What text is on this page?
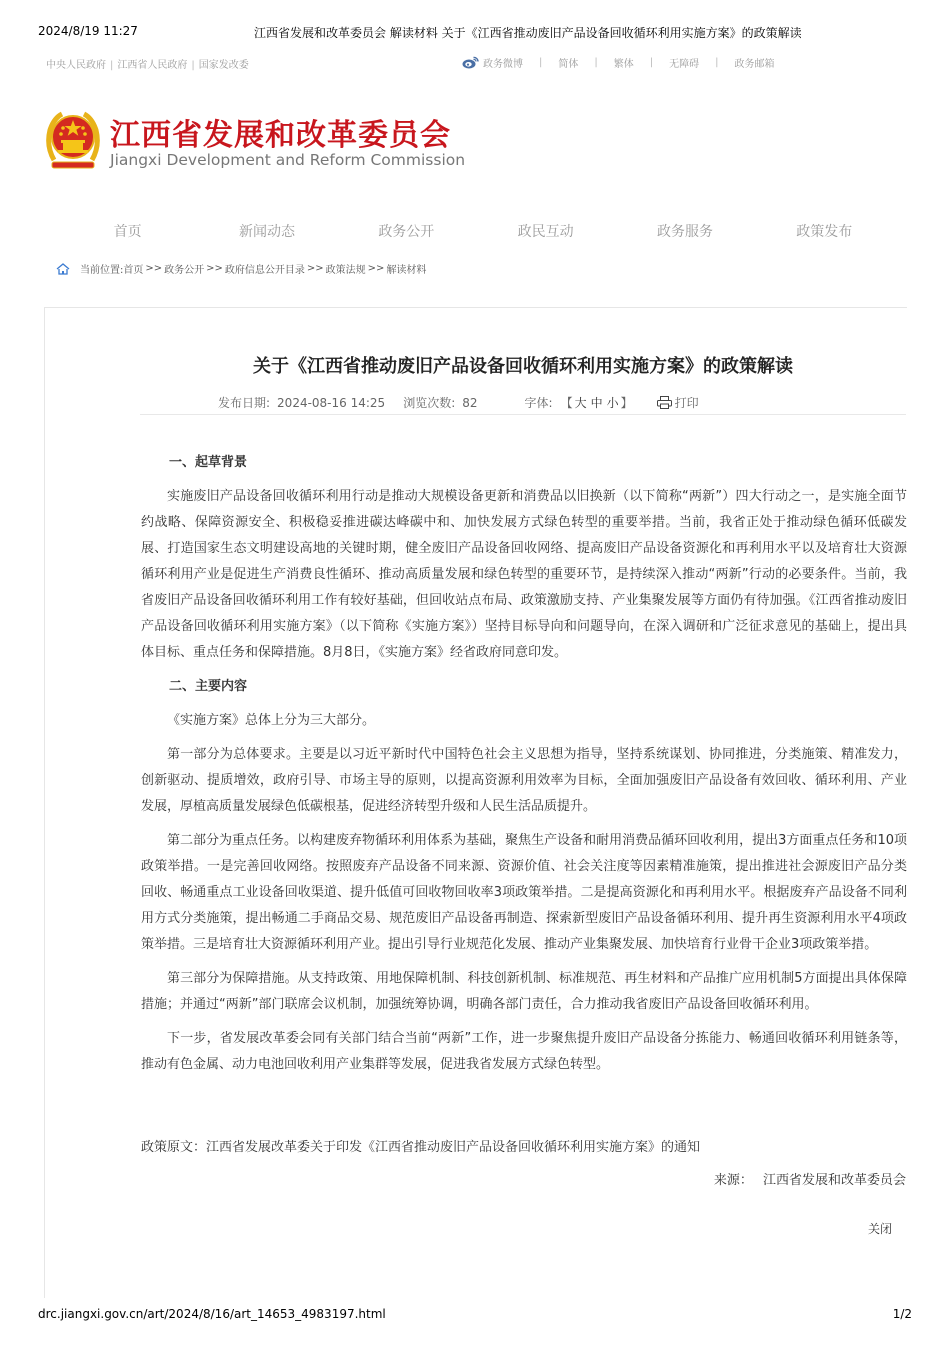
2024/8/19 11:27	江西省发展和改革委员会 解读材料 关于《江西省推动废旧产品设备回收循环利用实施方案》的政策解读
中央人民政府 | 江西省人民政府 | 国家发改委	政务微博 | 简体 | 繁体 | 无障碍 | 政务邮箱
江西省发展和改革委员会
Jiangxi Development and Reform Commission
首页	新闻动态	政务公开	政民互动	政务服务	政策发布
当前位置: 首页 >> 政务公开 >> 政府信息公开目录 >> 政策法规 >> 解读材料
关于《江西省推动废旧产品设备回收循环利用实施方案》的政策解读
发布日期: 2024-08-16 14:25 浏览次数: 82	字体: 【 大 中 小 】	打印
一、起草背景

实施废旧产品设备回收循环利用行动是推动大规模设备更新和消费品以旧换新（以下简称“两新”）四大行动之一，是实施全面节约战略、保障资源安全、积极稳妥推进碳达峰碳中和、加快发展方式绿色转型的重要举措。当前，我省正处于推动绿色循环低碳发展、打造国家生态文明建设高地的关键时期，健全废旧产品设备回收网络、提高废旧产品设备资源化和再利用水平以及培育壮大资源循环利用产业是促进生产消费良性循环、推动高质量发展和绿色转型的重要环节，是持续深入推动“两新”行动的必要条件。当前，我省废旧产品设备回收循环利用工作有较好基础，但回收站点布局、政策激励支持、产业集聚发展等方面仍有待加强。《江西省推动废旧产品设备回收循环利用实施方案》（以下简称《实施方案》）坚持目标导向和问题导向，在深入调研和广泛征求意见的基础上，提出具体目标、重点任务和保障措施。8月8日，《实施方案》经省政府同意印发。

二、主要内容

《实施方案》总体上分为三大部分。

第一部分为总体要求。主要是以习近平新时代中国特色社会主义思想为指导，坚持系统谋划、协同推进，分类施策、精准发力，创新驱动、提质增效，政府引导、市场主导的原则，以提高资源利用效率为目标，全面加强废旧产品设备有效回收、循环利用、产业发展，厚植高质量发展绿色低碳根基，促进经济转型升级和人民生活品质提升。

第二部分为重点任务。以构建废弃物循环利用体系为基础，聚焦生产设备和耐用消费品循环回收利用，提出3方面重点任务和10项政策举措。一是完善回收网络。按照废弃产品设备不同来源、资源价值、社会关注度等因素精准施策，提出推进社会源废旧产品分类回收、畅通重点工业设备回收渠道、提升低值可回收物回收率3项政策举措。二是提高资源化和再利用水平。根据废弃产品设备不同利用方式分类施策，提出畅通二手商品交易、规范废旧产品设备再制造、探索新型废旧产品设备循环利用、提升再生资源利用水平4项政策举措。三是培育壮大资源循环利用产业。提出引导行业规范化发展、推动产业集聚发展、加快培育行业骨干企业3项政策举措。

第三部分为保障措施。从支持政策、用地保障机制、科技创新机制、标准规范、再生材料和产品推广应用机制5方面提出具体保障措施；并通过“两新”部门联席会议机制，加强统筹协调，明确各部门责任，合力推动我省废旧产品设备回收循环利用。

下一步，省发展改革委会同有关部门结合当前“两新”工作，进一步聚焦提升废旧产品设备分拣能力、畅通回收循环利用链条等，推动有色金属、动力电池回收利用产业集群等发展，促进我省发展方式绿色转型。

政策原文：江西省发展改革委关于印发《江西省推动废旧产品设备回收循环利用实施方案》的通知
来源： 江西省发展和改革委员会
关闭
drc.jiangxi.gov.cn/art/2024/8/16/art_14653_4983197.html	1/2
